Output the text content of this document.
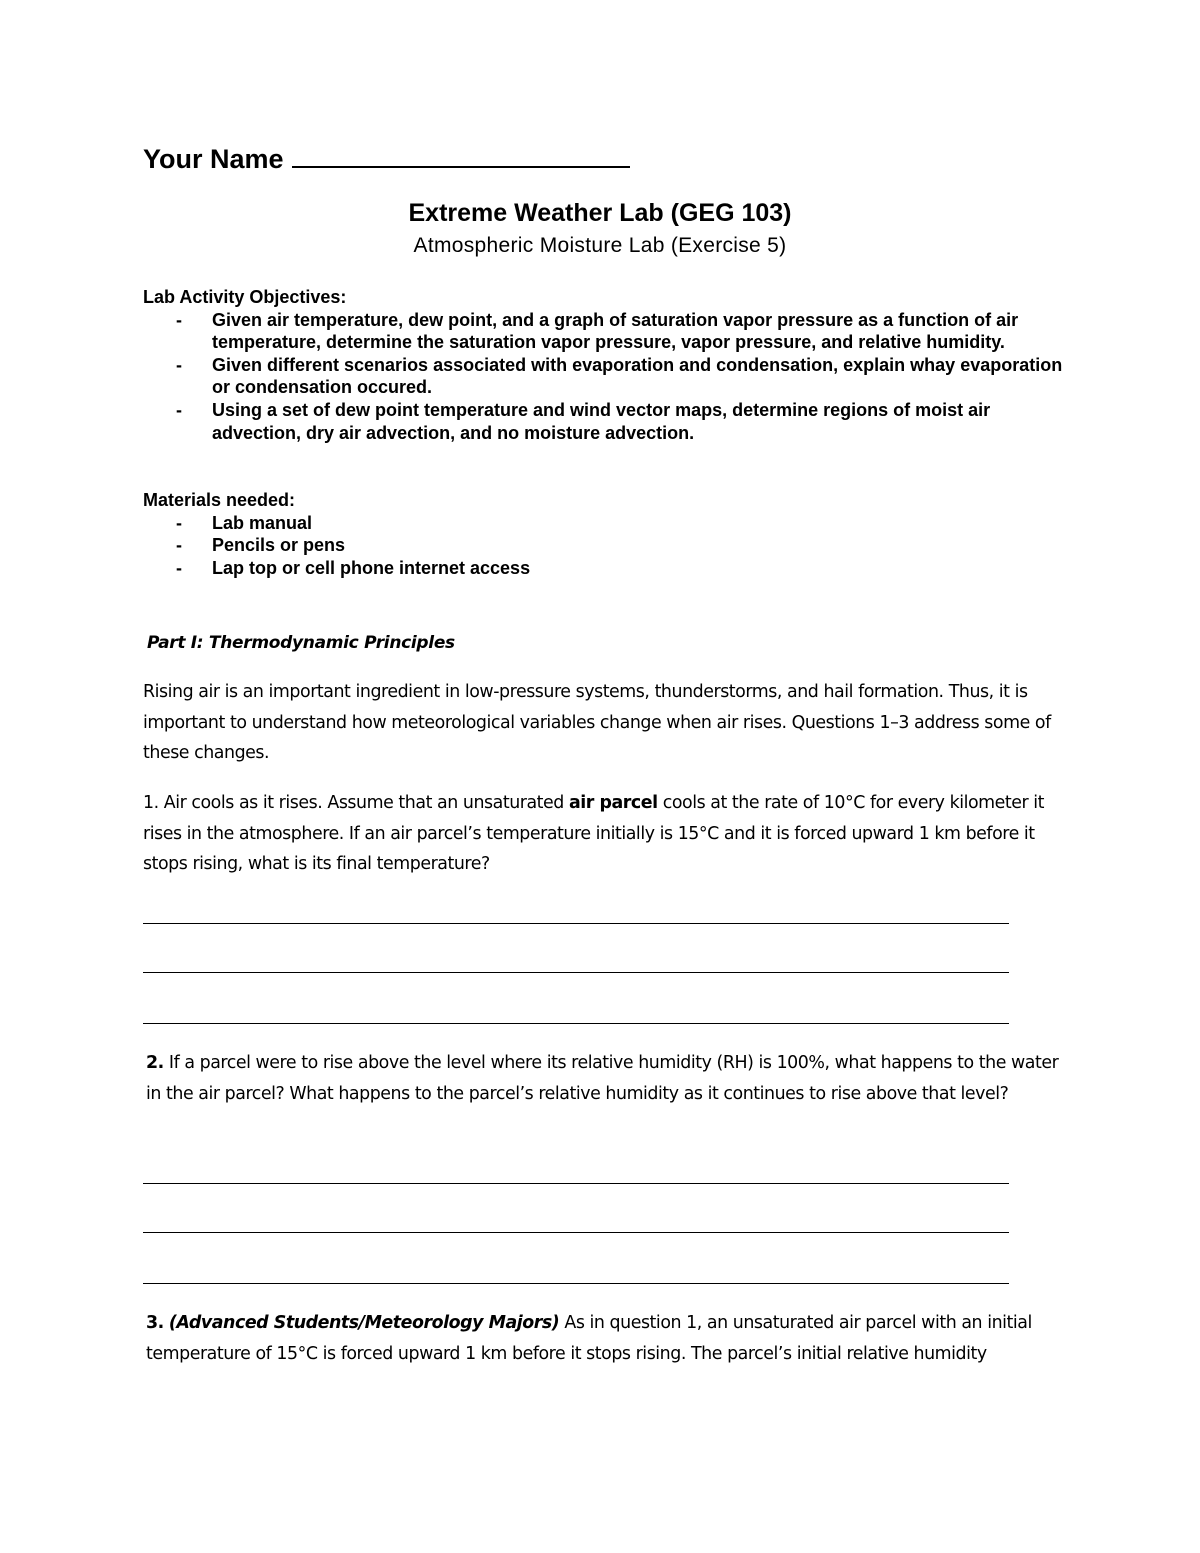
Your Name
Extreme Weather Lab (GEG 103)
Atmospheric Moisture Lab (Exercise 5)

Lab Activity Objectives:

- Given air temperature, dew point, and a graph of saturation vapor pressure as a function of air temperature, determine the saturation vapor pressure, vapor pressure, and relative humidity.
- Given different scenarios associated with evaporation and condensation, explain whay evaporation or condensation occured.
- Using a set of dew point temperature and wind vector maps, determine regions of moist air advection, dry air advection, and no moisture advection.

Materials needed:

- Lab manual
- Pencils or pens
- Lap top or cell phone internet access
Part I: Thermodynamic Principles
Rising air is an important ingredient in low-pressure systems, thunderstorms, and hail formation. Thus, it is important to understand how meteorological variables change when air rises. Questions 1–3 address some of these changes.
1. Air cools as it rises. Assume that an unsaturated air parcel cools at the rate of 10°C for every kilometer it rises in the atmosphere. If an air parcel’s temperature initially is 15°C and it is forced upward 1 km before it stops rising, what is its final temperature?
2. If a parcel were to rise above the level where its relative humidity (RH) is 100%, what happens to the water in the air parcel? What happens to the parcel’s relative humidity as it continues to rise above that level?
3. (Advanced Students/Meteorology Majors) As in question 1, an unsaturated air parcel with an initial temperature of 15°C is forced upward 1 km before it stops rising. The parcel’s initial relative humidity
